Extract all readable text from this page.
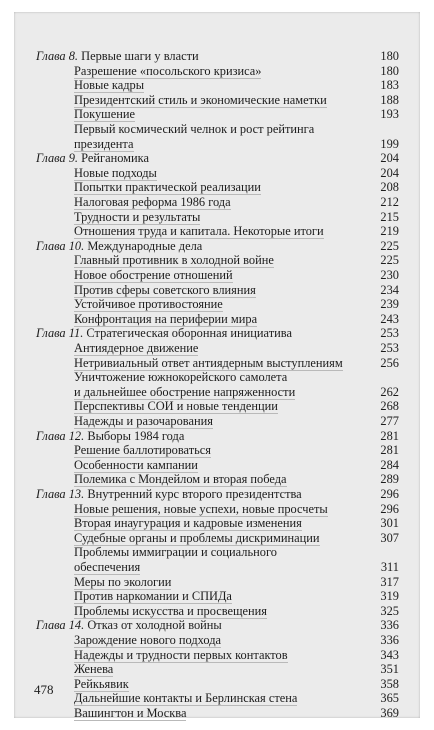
Глава 8. Первые шаги у власти	180
Разрешение «посольского кризиса»	180
Новые кадры	183
Президентский стиль и экономические наметки	188
Покушение	193
Первый космический челнок и рост рейтинга
президента	199
Глава 9. Рейганомика	204
Новые подходы	204
Попытки практической реализации	208
Налоговая реформа 1986 года	212
Трудности и результаты	215
Отношения труда и капитала. Некоторые итоги	219
Глава 10. Международные дела	225
Главный противник в холодной войне	225
Новое обострение отношений	230
Против сферы советского влияния	234
Устойчивое противостояние	239
Конфронтация на периферии мира	243
Глава 11. Стратегическая оборонная инициатива	253
Антиядерное движение	253
Нетривиальный ответ антиядерным выступлениям	256
Уничтожение южнокорейского самолета
и дальнейшее обострение напряженности	262
Перспективы СОИ и новые тенденции	268
Надежды и разочарования	277
Глава 12. Выборы 1984 года	281
Решение баллотироваться	281
Особенности кампании	284
Полемика с Мондейлом и вторая победа	289
Глава 13. Внутренний курс второго президентства	296
Новые решения, новые успехи, новые просчеты	296
Вторая инаугурация и кадровые изменения	301
Судебные органы и проблемы дискриминации	307
Проблемы иммиграции и социального
обеспечения	311
Меры по экологии	317
Против наркомании и СПИДа	319
Проблемы искусства и просвещения	325
Глава 14. Отказ от холодной войны	336
Зарождение нового подхода	336
Надежды и трудности первых контактов	343
Женева	351
Рейкьявик	358
Дальнейшие контакты и Берлинская стена	365
Вашингтон и Москва	369
478
